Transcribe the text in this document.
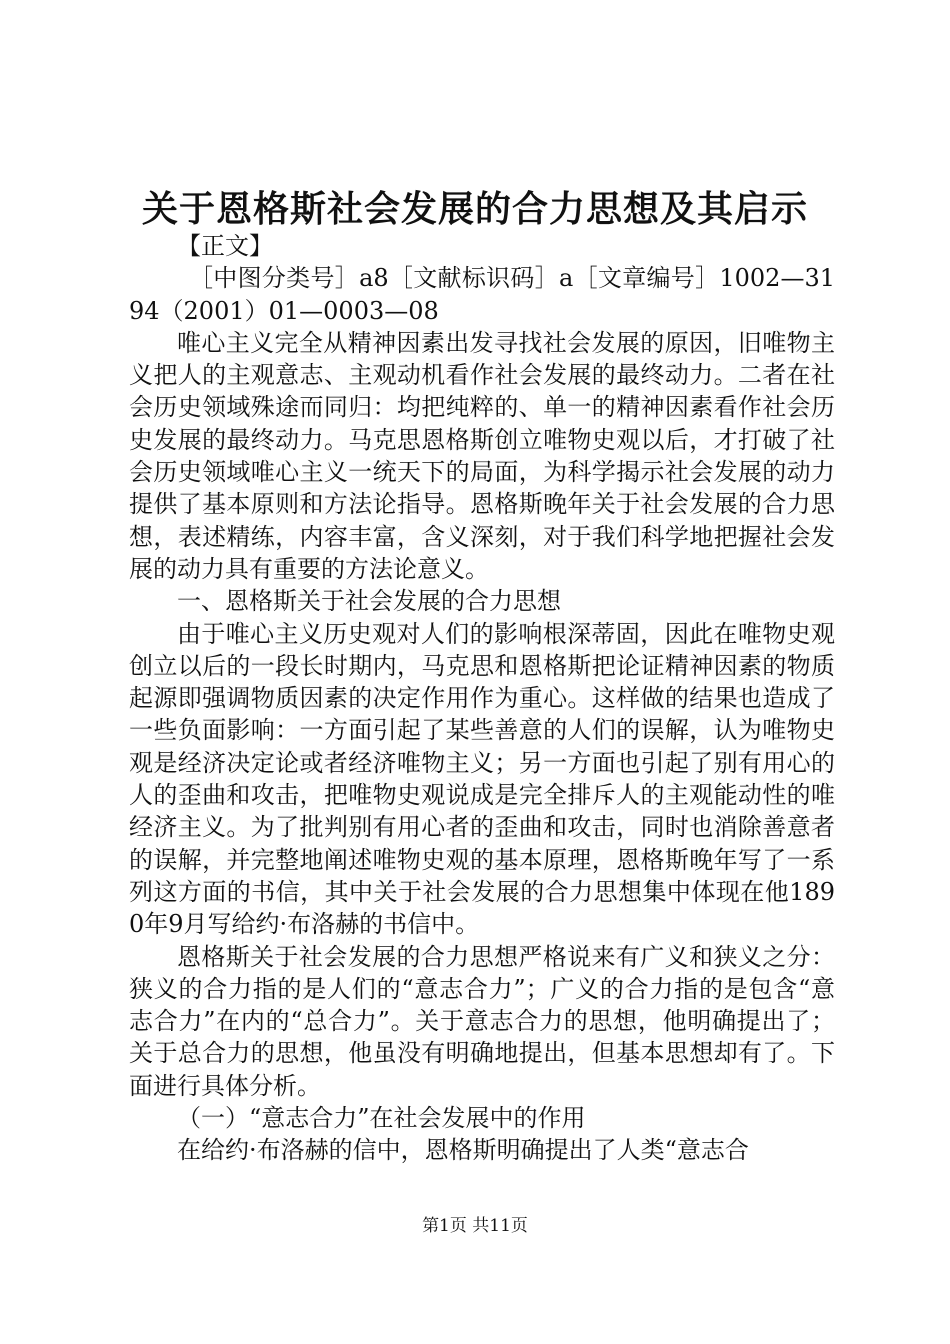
关于恩格斯社会发展的合力思想及其启示

【正文】

［中图分类号］a8［文献标识码］a［文章编号］1002—3194（2001）01—0003—08

唯心主义完全从精神因素出发寻找社会发展的原因，旧唯物主义把人的主观意志、主观动机看作社会发展的最终动力。二者在社会历史领域殊途而同归：均把纯粹的、单一的精神因素看作社会历史发展的最终动力。马克思恩格斯创立唯物史观以后，才打破了社会历史领域唯心主义一统天下的局面，为科学揭示社会发展的动力提供了基本原则和方法论指导。恩格斯晚年关于社会发展的合力思想，表述精练，内容丰富，含义深刻，对于我们科学地把握社会发展的动力具有重要的方法论意义。

一、恩格斯关于社会发展的合力思想

由于唯心主义历史观对人们的影响根深蒂固，因此在唯物史观创立以后的一段长时期内，马克思和恩格斯把论证精神因素的物质起源即强调物质因素的决定作用作为重心。这样做的结果也造成了一些负面影响：一方面引起了某些善意的人们的误解，认为唯物史观是经济决定论或者经济唯物主义；另一方面也引起了别有用心的人的歪曲和攻击，把唯物史观说成是完全排斥人的主观能动性的唯经济主义。为了批判别有用心者的歪曲和攻击，同时也消除善意者的误解，并完整地阐述唯物史观的基本原理，恩格斯晚年写了一系列这方面的书信，其中关于社会发展的合力思想集中体现在他1890年9月写给约·布洛赫的书信中。

恩格斯关于社会发展的合力思想严格说来有广义和狭义之分：狭义的合力指的是人们的“意志合力”；广义的合力指的是包含“意志合力”在内的“总合力”。关于意志合力的思想，他明确提出了；关于总合力的思想，他虽没有明确地提出，但基本思想却有了。下面进行具体分析。

（一）“意志合力”在社会发展中的作用

在给约·布洛赫的信中，恩格斯明确提出了人类“意志合

第1页 共11页
